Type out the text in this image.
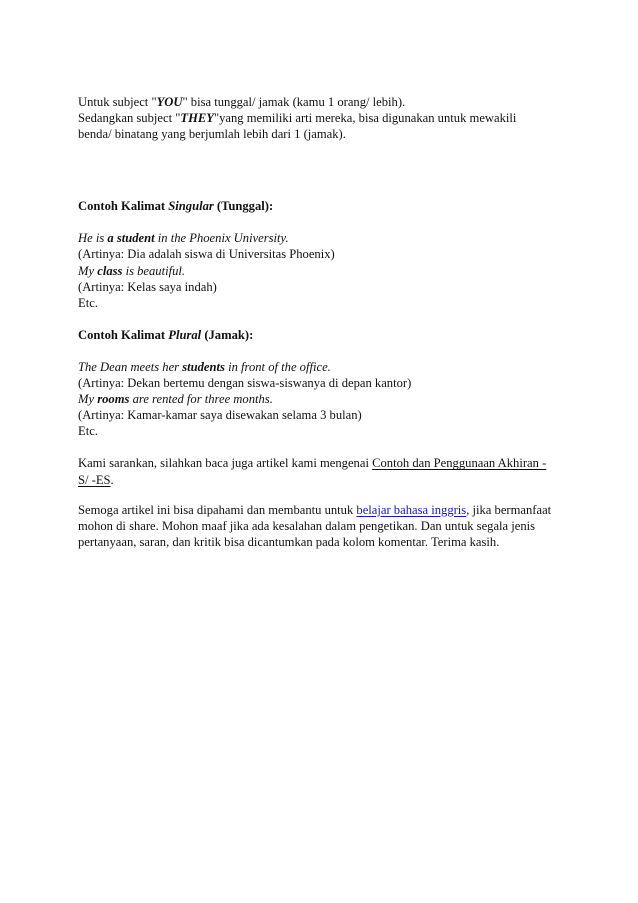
Untuk subject "YOU" bisa tunggal/ jamak (kamu 1 orang/ lebih).
Sedangkan subject "THEY"yang memiliki arti mereka, bisa digunakan untuk mewakili
benda/ binatang yang berjumlah lebih dari 1 (jamak).
Contoh Kalimat Singular (Tunggal):
He is a student in the Phoenix University.
(Artinya: Dia adalah siswa di Universitas Phoenix)
My class is beautiful.
(Artinya: Kelas saya indah)
Etc.
Contoh Kalimat Plural (Jamak):
The Dean meets her students in front of the office.
(Artinya: Dekan bertemu dengan siswa-siswanya di depan kantor)
My rooms are rented for three months.
(Artinya: Kamar-kamar saya disewakan selama 3 bulan)
Etc.
Kami sarankan, silahkan baca juga artikel kami mengenai Contoh dan Penggunaan Akhiran -
S/ -ES.
Semoga artikel ini bisa dipahami dan membantu untuk belajar bahasa inggris, jika bermanfaat
mohon di share. Mohon maaf jika ada kesalahan dalam pengetikan. Dan untuk segala jenis
pertanyaan, saran, dan kritik bisa dicantumkan pada kolom komentar. Terima kasih.
